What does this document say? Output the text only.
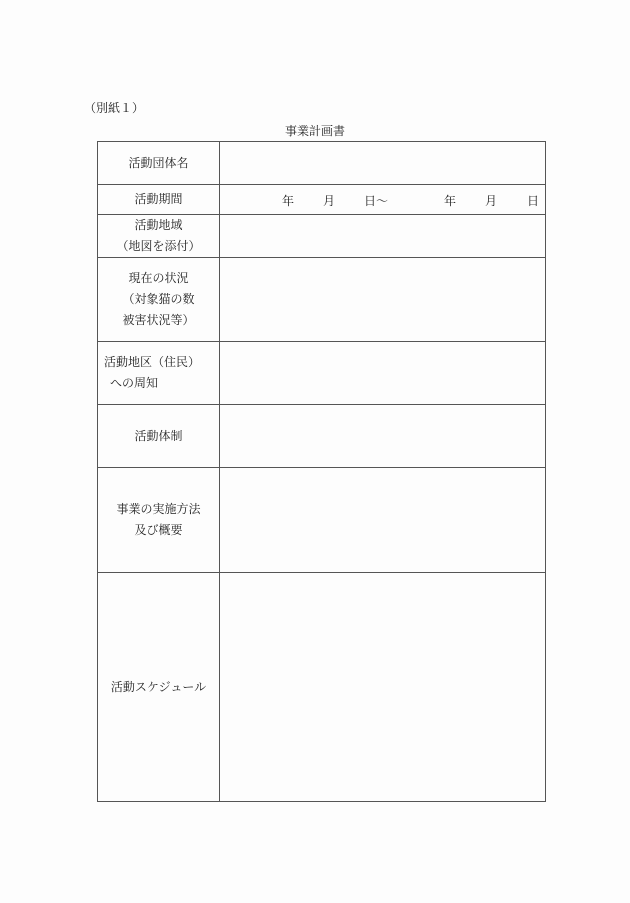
（別紙１）
事業計画書
活動団体名	

活動期間	年 月 日～	年 月 日

活動地域
（地図を添付）	

現在の状況
（対象猫の数
被害状況等）	

活動地区（住民）
への周知	

活動体制	

事業の実施方法
及び概要	

活動スケジュール	
